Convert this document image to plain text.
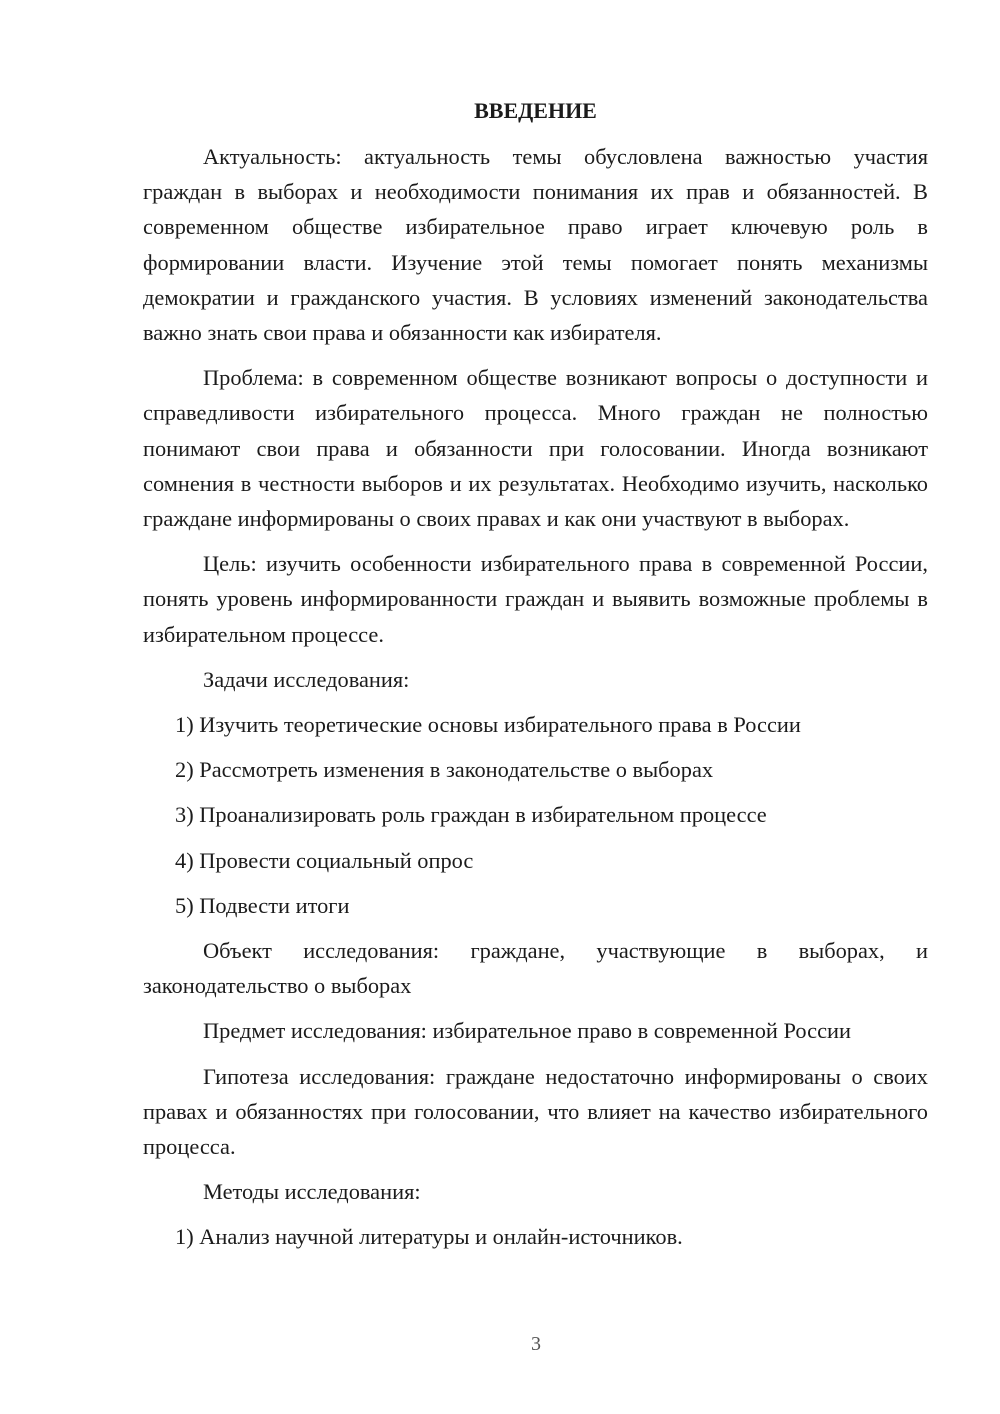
ВВЕДЕНИЕ

Актуальность: актуальность темы обусловлена важностью участия граждан в выборах и необходимости понимания их прав и обязанностей. В современном обществе избирательное право играет ключевую роль в формировании власти. Изучение этой темы помогает понять механизмы демократии и гражданского участия. В условиях изменений законодательства важно знать свои права и обязанности как избирателя.

Проблема: в современном обществе возникают вопросы о доступности и справедливости избирательного процесса. Много граждан не полностью понимают свои права и обязанности при голосовании. Иногда возникают сомнения в честности выборов и их результатах. Необходимо изучить, насколько граждане информированы о своих правах и как они участвуют в выборах.

Цель: изучить особенности избирательного права в современной России, понять уровень информированности граждан и выявить возможные проблемы в избирательном процессе.

Задачи исследования:
1) Изучить теоретические основы избирательного права в России
2) Рассмотреть изменения в законодательстве о выборах
3) Проанализировать роль граждан в избирательном процессе
4) Провести социальный опрос
5) Подвести итоги

Объект исследования: граждане, участвующие в выборах, и законодательство о выборах

Предмет исследования: избирательное право в современной России

Гипотеза исследования: граждане недостаточно информированы о своих правах и обязанностях при голосовании, что влияет на качество избирательного процесса.

Методы исследования:
1) Анализ научной литературы и онлайн-источников.
3
